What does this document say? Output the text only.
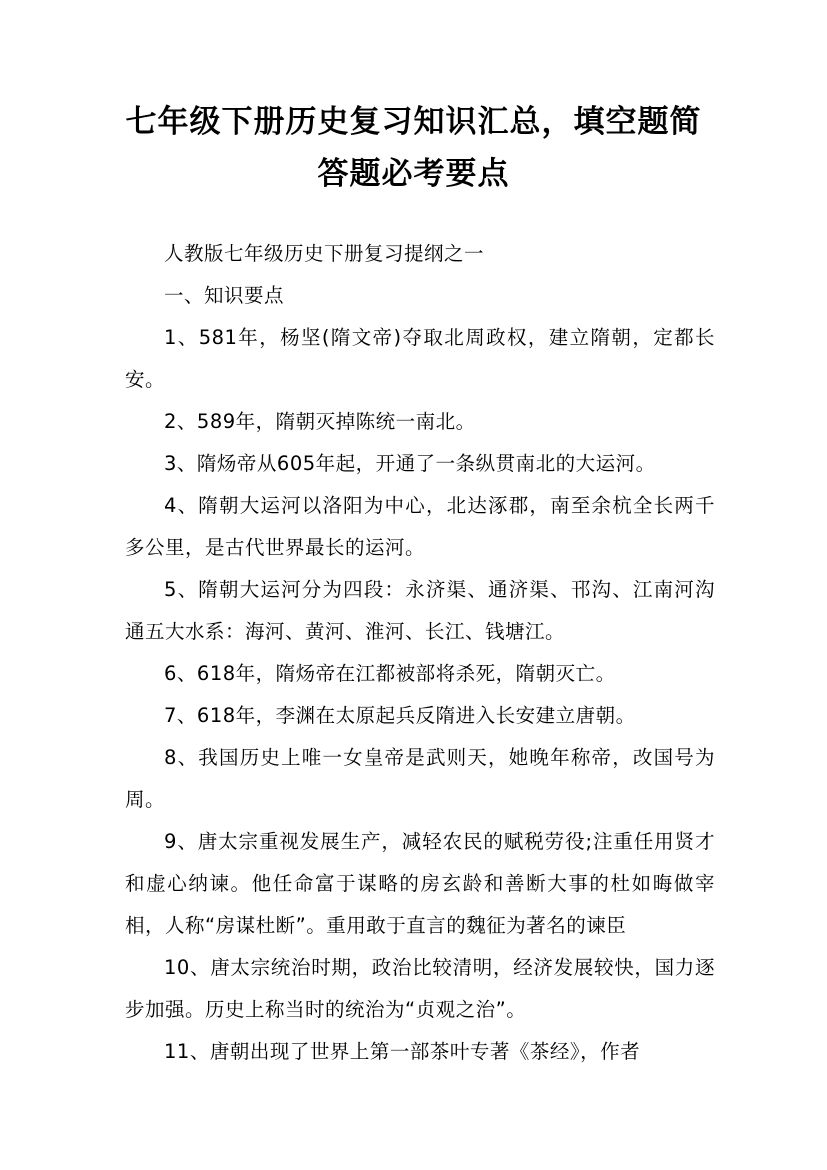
七年级下册历史复习知识汇总，填空题简答题必考要点

人教版七年级历史下册复习提纲之一

一、知识要点

1、581年，杨坚(隋文帝)夺取北周政权，建立隋朝，定都长安。

2、589年，隋朝灭掉陈统一南北。

3、隋炀帝从605年起，开通了一条纵贯南北的大运河。

4、隋朝大运河以洛阳为中心，北达涿郡，南至余杭全长两千多公里，是古代世界最长的运河。

5、隋朝大运河分为四段：永济渠、通济渠、邗沟、江南河沟通五大水系：海河、黄河、淮河、长江、钱塘江。

6、618年，隋炀帝在江都被部将杀死，隋朝灭亡。

7、618年，李渊在太原起兵反隋进入长安建立唐朝。

8、我国历史上唯一女皇帝是武则天，她晚年称帝，改国号为周。

9、唐太宗重视发展生产，减轻农民的赋税劳役;注重任用贤才和虚心纳谏。他任命富于谋略的房玄龄和善断大事的杜如晦做宰相，人称“房谋杜断”。重用敢于直言的魏征为著名的谏臣

10、唐太宗统治时期，政治比较清明，经济发展较快，国力逐步加强。历史上称当时的统治为“贞观之治”。

11、唐朝出现了世界上第一部茶叶专著《茶经》，作者
